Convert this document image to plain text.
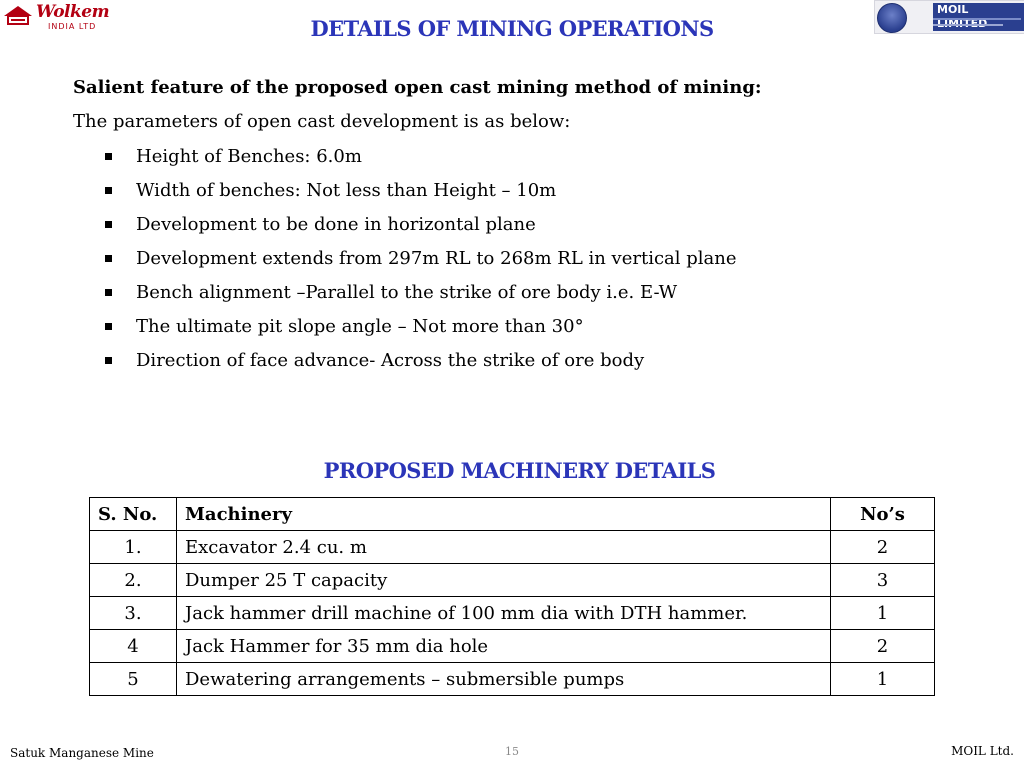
Wolkem
INDIA LTD
MOIL
DETAILS OF MINING OPERATIONS

Salient feature of the proposed open cast mining method of mining:

The parameters of open cast development is as below:

Height of Benches: 6.0m
Width of benches: Not less than Height – 10m
Development to be done in horizontal plane
Development extends from 297m RL to 268m RL in vertical plane
Bench alignment –Parallel to the strike of ore body i.e. E-W
The ultimate pit slope angle – Not more than 30°
Direction of face advance- Across the strike of ore body
PROPOSED MACHINERY DETAILS
S. No.	Machinery	No’s
1.	Excavator 2.4 cu. m	2
2.	Dumper 25 T capacity	3
3.	Jack hammer drill machine of 100 mm dia with DTH hammer.	1
4	Jack Hammer for 35 mm dia hole	2
5	Dewatering arrangements – submersible pumps	1
Satuk Manganese Mine	15	MOIL Ltd.
